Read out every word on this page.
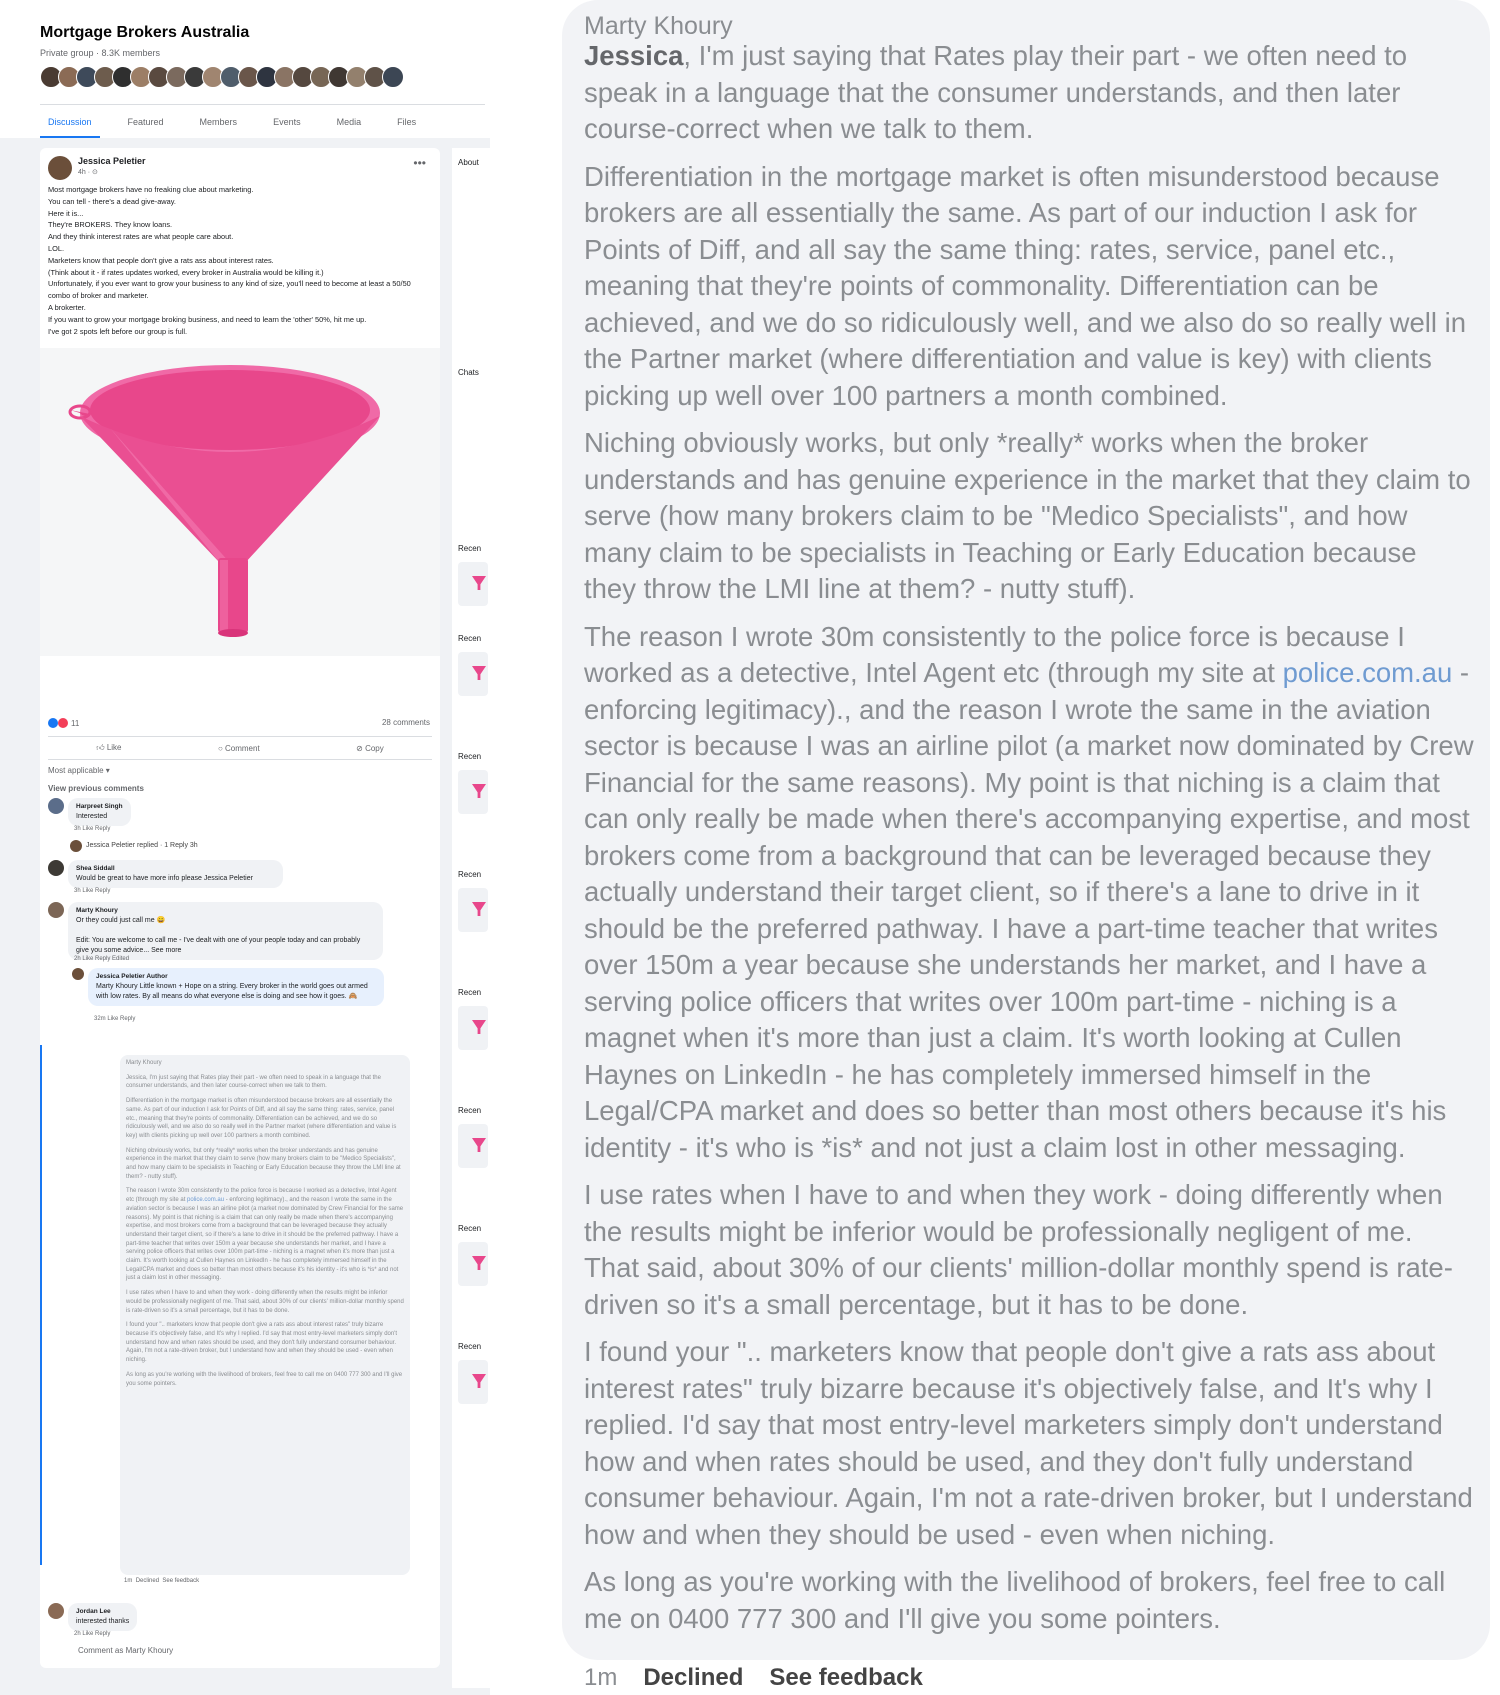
Mortgage Brokers Australia
Private group · 8.3K members
Discussion	Featured	Members	Events	Media	Files
Jessica Peletier
4h · ⊙
•••
Most mortgage brokers have no freaking clue about marketing.
You can tell - there's a dead give-away.
Here it is...
They're BROKERS. They know loans.
And they think interest rates are what people care about.
LOL.
Marketers know that people don't give a rats ass about interest rates.
(Think about it - if rates updates worked, every broker in Australia would be killing it.)
Unfortunately, if you ever want to grow your business to any kind of size, you'll need to become at least a 50/50 combo of broker and marketer.
A brokerter.
If you want to grow your mortgage broking business, and need to learn the 'other' 50%, hit me up.
I've got 2 spots left before our group is full.
11	28 comments
👍︎ Like	○ Comment	⊘ Copy
Most applicable ▾
View previous comments
Harpreet Singh
Interested
3h Like Reply
Jessica Peletier replied · 1 Reply 3h
Shea Siddall
Would be great to have more info please Jessica Peletier
3h Like Reply
Marty Khoury
Or they could just call me 😄

Edit: You are welcome to call me - I've dealt with one of your people today and can probably give you some advice... See more
2h Like Reply Edited
Jessica Peletier Author
Marty Khoury Little known + Hope on a string. Every broker in the world goes out armed with low rates. By all means do what everyone else is doing and see how it goes. 🙈
32m Like Reply
Jordan Lee
interested thanks
2h Like Reply

Marty Khoury

Jessica, I'm just saying that Rates play their part - we often need to speak in a language that the consumer understands, and then later course-correct when we talk to them.

Differentiation in the mortgage market is often misunderstood because brokers are all essentially the same. As part of our induction I ask for Points of Diff, and all say the same thing: rates, service, panel etc., meaning that they're points of commonality. Differentiation can be achieved, and we do so ridiculously well, and we also do so really well in the Partner market (where differentiation and value is key) with clients picking up well over 100 partners a month combined.

Niching obviously works, but only *really* works when the broker understands and has genuine experience in the market that they claim to serve (how many brokers claim to be "Medico Specialists", and how many claim to be specialists in Teaching or Early Education because they throw the LMI line at them? - nutty stuff).

The reason I wrote 30m consistently to the police force is because I worked as a detective, Intel Agent etc (through my site at police.com.au - enforcing legitimacy)., and the reason I wrote the same in the aviation sector is because I was an airline pilot (a market now dominated by Crew Financial for the same reasons). My point is that niching is a claim that can only really be made when there's accompanying expertise, and most brokers come from a background that can be leveraged because they actually understand their target client, so if there's a lane to drive in it should be the preferred pathway. I have a part-time teacher that writes over 150m a year because she understands her market, and I have a serving police officers that writes over 100m part-time - niching is a magnet when it's more than just a claim. It's worth looking at Cullen Haynes on LinkedIn - he has completely immersed himself in the Legal/CPA market and does so better than most others because it's his identity - it's who is *is* and not just a claim lost in other messaging.

I use rates when I have to and when they work - doing differently when the results might be inferior would be professionally negligent of me. That said, about 30% of our clients' million-dollar monthly spend is rate-driven so it's a small percentage, but it has to be done.

I found your ".. marketers know that people don't give a rats ass about interest rates" truly bizarre because it's objectively false, and It's why I replied. I'd say that most entry-level marketers simply don't understand how and when rates should be used, and they don't fully understand consumer behaviour. Again, I'm not a rate-driven broker, but I understand how and when they should be used - even when niching.

As long as you're working with the livelihood of brokers, feel free to call me on 0400 777 300 and I'll give you some pointers.

1m Declined See feedback
Comment as Marty Khoury
About
Chats
Recen
Recen
Recen
Recen
Recen
Recen
Recen
Recen
Marty Khoury

Jessica, I'm just saying that Rates play their part - we often need to speak in a language that the consumer understands, and then later course-correct when we talk to them.

Differentiation in the mortgage market is often misunderstood because brokers are all essentially the same. As part of our induction I ask for Points of Diff, and all say the same thing: rates, service, panel etc., meaning that they're points of commonality. Differentiation can be achieved, and we do so ridiculously well, and we also do so really well in the Partner market (where differentiation and value is key) with clients picking up well over 100 partners a month combined.

Niching obviously works, but only *really* works when the broker understands and has genuine experience in the market that they claim to serve (how many brokers claim to be "Medico Specialists", and how many claim to be specialists in Teaching or Early Education because they throw the LMI line at them? - nutty stuff).

The reason I wrote 30m consistently to the police force is because I worked as a detective, Intel Agent etc (through my site at police.com.au - enforcing legitimacy)., and the reason I wrote the same in the aviation sector is because I was an airline pilot (a market now dominated by Crew Financial for the same reasons). My point is that niching is a claim that can only really be made when there's accompanying expertise, and most brokers come from a background that can be leveraged because they actually understand their target client, so if there's a lane to drive in it should be the preferred pathway. I have a part-time teacher that writes over 150m a year because she understands her market, and I have a serving police officers that writes over 100m part-time - niching is a magnet when it's more than just a claim. It's worth looking at Cullen Haynes on LinkedIn - he has completely immersed himself in the Legal/CPA market and does so better than most others because it's his identity - it's who is *is* and not just a claim lost in other messaging.

I use rates when I have to and when they work - doing differently when the results might be inferior would be professionally negligent of me. That said, about 30% of our clients' million-dollar monthly spend is rate-driven so it's a small percentage, but it has to be done.

I found your ".. marketers know that people don't give a rats ass about interest rates" truly bizarre because it's objectively false, and It's why I replied. I'd say that most entry-level marketers simply don't understand how and when rates should be used, and they don't fully understand consumer behaviour. Again, I'm not a rate-driven broker, but I understand how and when they should be used - even when niching.

As long as you're working with the livelihood of brokers, feel free to call me on 0400 777 300 and I'll give you some pointers.

1m Declined See feedback
